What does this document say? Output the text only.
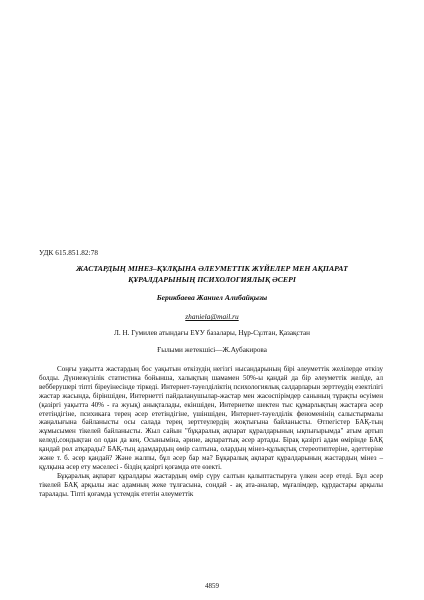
УДК 615.851.82:78
ЖАСТАРДЫҢ МІНЕЗ–ҚҰЛҚЫНА ӘЛЕУМЕТТІК ЖҮЙЕЛЕР МЕН АҚПАРАТ ҚҰРАЛДАРЫНЫҢ ПСИХОЛОГИЯЛЫҚ ӘСЕРІ
Берикбаева Жаниел Алибайқызы
zhaniela@mail.ru
Л. Н. Гумилев атындағы ЕҰУ базалары, Нұр-Сұлтан, Қазақстан
Ғылыми жетекшісі—Ж.Аубакирова

Соңғы уақытта жастардың бос уақытын өткізудің негізгі нысандарының бірі әлеуметтік желілерде өткізу болды. Дүниежүзілік статистика бойынша, халықтың шамамен 50%-ы қандай да бір әлеуметтік желіде, ал вебберушері тіпті біреуінесінде тіркеді. Интернет-тәуелділіктің психологиялық салдарларын зерттеудің езектілігі жастар жасында, біріншіден, Интернетті пайдаланушылар-жастар мен жасөспірімдер санының тұрақты өсуімен (қазіргі уақытта 40% - ға жуық) анықталады, екіншіден, Интернетке шектен тыс құмарлықтың жастарға әсер ететіндігіне, психикаға терең әсер ететіндігіне, үшіншіден, Интернет-тәуелділік феноменінің салыстырмалы жаңалығына байланысты осы салада терең зерттеулердің жоқтығына байланысты. Өтпегістер БАҚ-тың жұмысымен тікелей байланысты. Жыл сайын "бұқаралық ақпарат құралдарының ықпығырымда" атым артып келеді,сондықтан ол одан да кең. Осыныміна, әрине, ақпараттық әсер артады. Бірақ қазіргі адам өмірінде БАҚ қандай рөл атқарады? БАҚ-тың адамдардың өмір салтына, олардың мінез-құлықтық стереотиптеріне, әдеттеріне және т. б. әсер қандай? Және жалпы, бұл әсер бар ма? Бұқаралық ақпарат құралдарының жастардың мінез – құлқына әсер ету мәселесі - біздің қазіргі қоғамда өте өзекті.

Бұқаралық ақпарат құралдары жастардың өмір сүру салтын қалыптастыруға үлкен әсер етеді. Бұл әсер тікелей БАҚ арқылы жас адамның жеке тұлғасына, сондай - ақ ата-аналар, мұғалімдер, құрдастары арқылы таралады. Тіпті қоғамда үстемдік ететін әлеуметтік

4859
